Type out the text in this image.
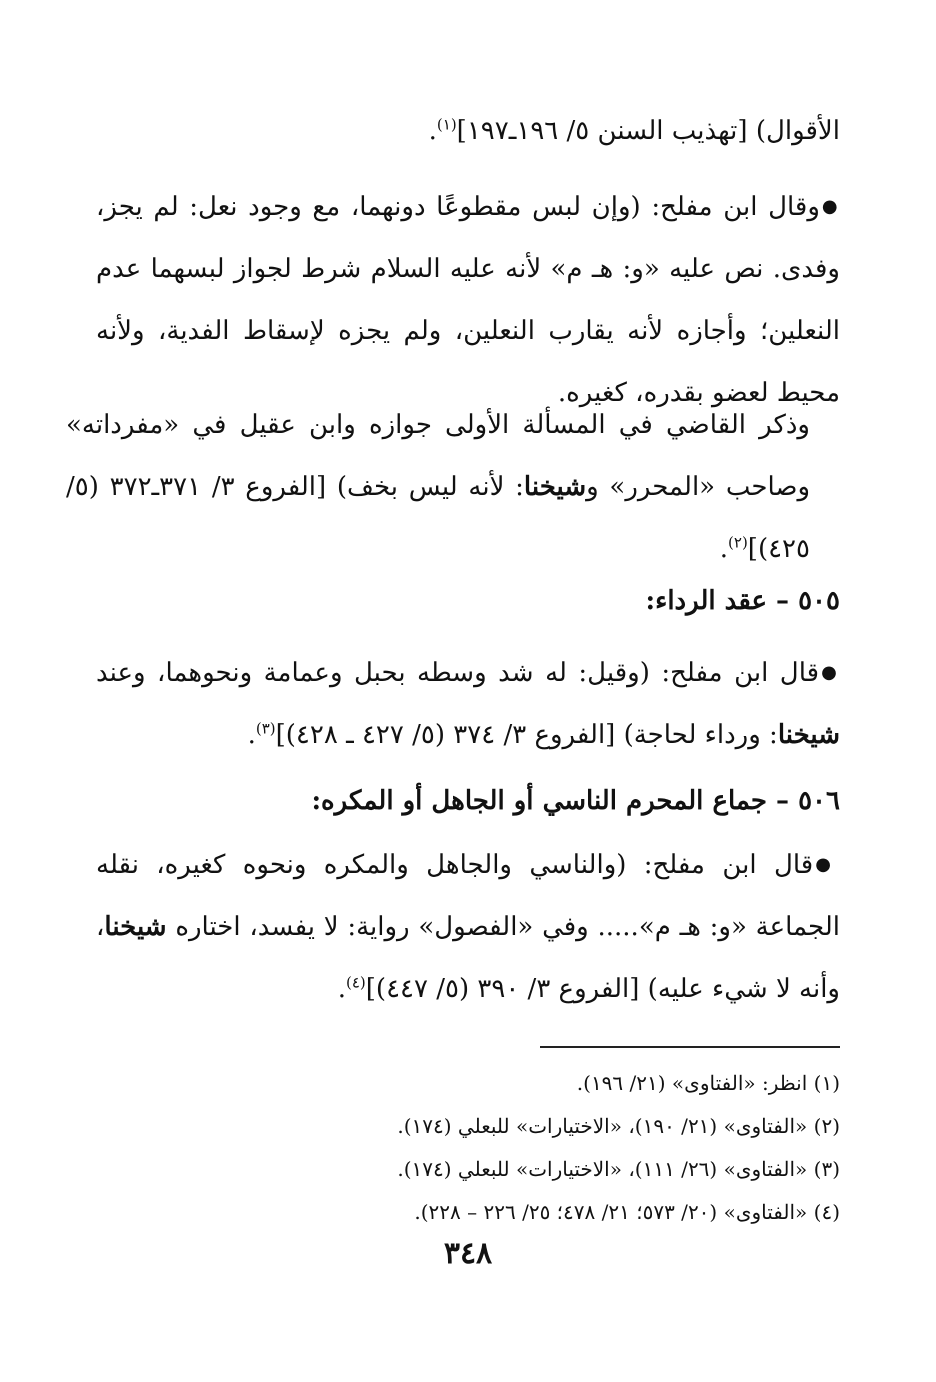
الأقوال) [تهذيب السنن ٥/ ١٩٦ـ١٩٧]$^{(١)}$.

●وقال ابن مفلح: (وإن لبس مقطوعًا دونهما، مع وجود نعل: لم يجز، وفدى. نص عليه «و: هـ م» لأنه عليه السلام شرط لجواز لبسهما عدم النعلين؛ وأجازه لأنه يقارب النعلين، ولم يجزه لإسقاط الفدية، ولأنه محيط لعضو بقدره، كغيره.

وذكر القاضي في المسألة الأولى جوازه وابن عقيل في «مفرداته» وصاحب «المحرر» وشيخنا: لأنه ليس بخف) [الفروع ٣/ ٣٧١ـ٣٧٢ (٥/ ٤٢٥)]$^{(٢)}$.

٥٠٥ – عقد الرداء:

●قال ابن مفلح: (وقيل: له شد وسطه بحبل وعمامة ونحوهما، وعند شيخنا: ورداء لحاجة) [الفروع ٣/ ٣٧٤ (٥/ ٤٢٧ ـ ٤٢٨)]$^{(٣)}$.

٥٠٦ – جماع المحرم الناسي أو الجاهل أو المكره:

●قال ابن مفلح: (والناسي والجاهل والمكره ونحوه كغيره، نقله الجماعة «و: هـ م»..... وفي «الفصول» رواية: لا يفسد، اختاره شيخنا، وأنه لا شيء عليه) [الفروع ٣/ ٣٩٠ (٥/ ٤٤٧)]$^{(٤)}$.

(١) انظر: «الفتاوى» (٢١/ ١٩٦).
(٢) «الفتاوى» (٢١/ ١٩٠)، «الاختيارات» للبعلي (١٧٤).
(٣) «الفتاوى» (٢٦/ ١١١)، «الاختيارات» للبعلي (١٧٤).
(٤) «الفتاوى» (٢٠/ ٥٧٣؛ ٢١/ ٤٧٨؛ ٢٥/ ٢٢٦ – ٢٢٨).
٣٤٨
